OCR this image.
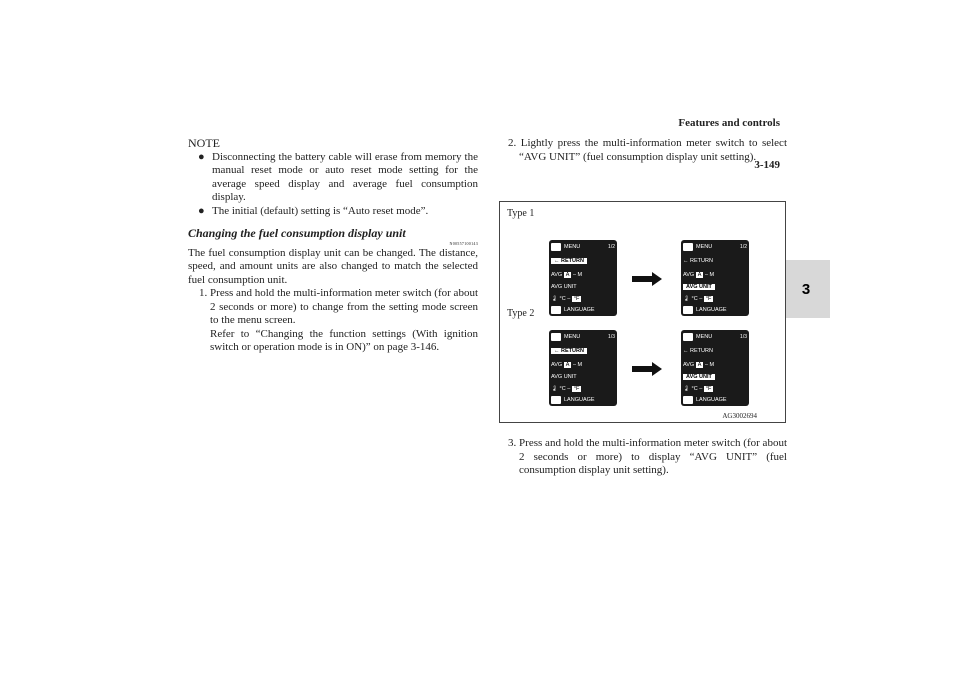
Features and controls
3-149
3
NOTE
● Disconnecting the battery cable will erase from memory the manual reset mode or auto reset mode setting for the average speed display and average fuel consumption display.
● The initial (default) setting is “Auto reset mode”.
Changing the fuel consumption display unit
N00557100143
The fuel consumption display unit can be changed. The distance, speed, and amount units are also changed to match the selected fuel consumption unit.
1. Press and hold the multi-information meter switch (for about 2 seconds or more) to change from the setting mode screen to the menu screen.
Refer to “Changing the function settings (With ignition switch or operation mode is in ON)” on page 3-146.
2. Lightly press the multi-information meter switch to select “AVG UNIT” (fuel consumption display unit setting).
Type 1
Type 2
MENU	1/2
← RETURN
AVG
A – M
AVG UNIT
🌡
°C – °F
LANGUAGE
MENU	1/2
← RETURN
AVG
A – M
AVG UNIT
🌡
°C – °F
LANGUAGE
MENU	1/3
← RETURN
AVG
A – M
AVG UNIT
🌡
°C – °F
LANGUAGE
MENU	1/3
← RETURN
AVG
A – M
AVG UNIT
🌡
°C – °F
LANGUAGE
AG3002694
3. Press and hold the multi-information meter switch (for about 2 seconds or more) to display “AVG UNIT” (fuel consumption display unit setting).
